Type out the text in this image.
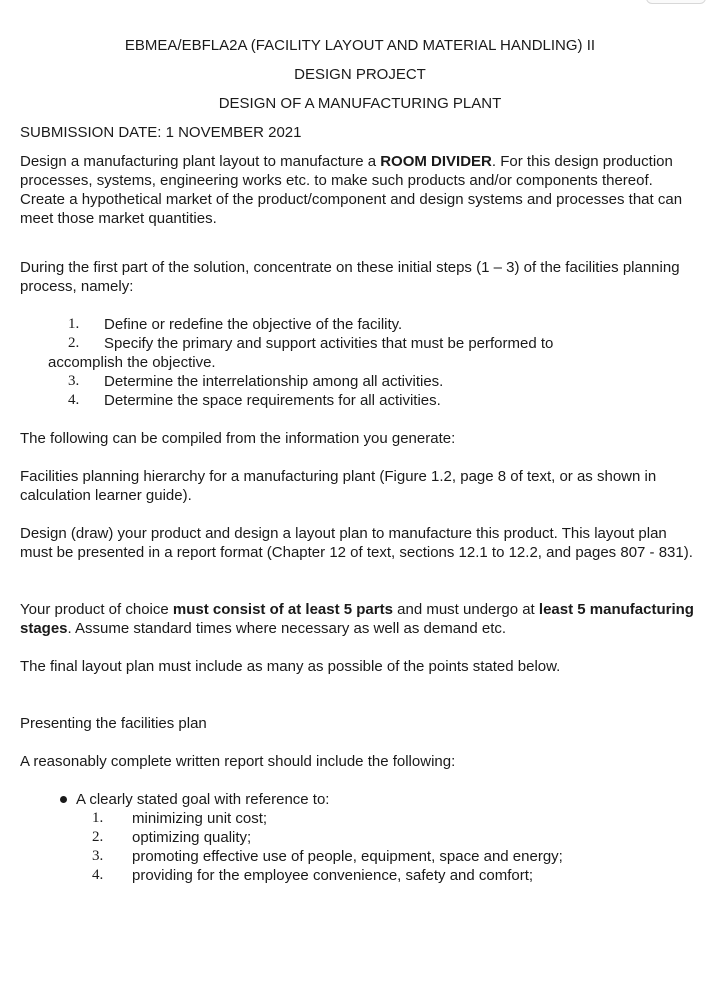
EBMEA/EBFLA2A (FACILITY LAYOUT AND MATERIAL HANDLING) II
DESIGN PROJECT
DESIGN OF A MANUFACTURING PLANT
SUBMISSION DATE: 1 NOVEMBER 2021
Design a manufacturing plant layout to manufacture a ROOM DIVIDER. For this design production processes, systems, engineering works etc. to make such products and/or components thereof. Create a hypothetical market of the product/component and design systems and processes that can meet those market quantities.
During the first part of the solution, concentrate on these initial steps (1 – 3) of the facilities planning process, namely:
1. Define or redefine the objective of the facility.
2. Specify the primary and support activities that must be performed to
accomplish the objective.
3. Determine the interrelationship among all activities.
4. Determine the space requirements for all activities.
The following can be compiled from the information you generate:
Facilities planning hierarchy for a manufacturing plant (Figure 1.2, page 8 of text, or as shown in calculation learner guide).
Design (draw) your product and design a layout plan to manufacture this product. This layout plan must be presented in a report format (Chapter 12 of text, sections 12.1 to 12.2, and pages 807 - 831).
Your product of choice must consist of at least 5 parts and must undergo at least 5 manufacturing stages. Assume standard times where necessary as well as demand etc.
The final layout plan must include as many as possible of the points stated below.
Presenting the facilities plan
A reasonably complete written report should include the following:
A clearly stated goal with reference to:
1. minimizing unit cost;
2. optimizing quality;
3. promoting effective use of people, equipment, space and energy;
4. providing for the employee convenience, safety and comfort;
